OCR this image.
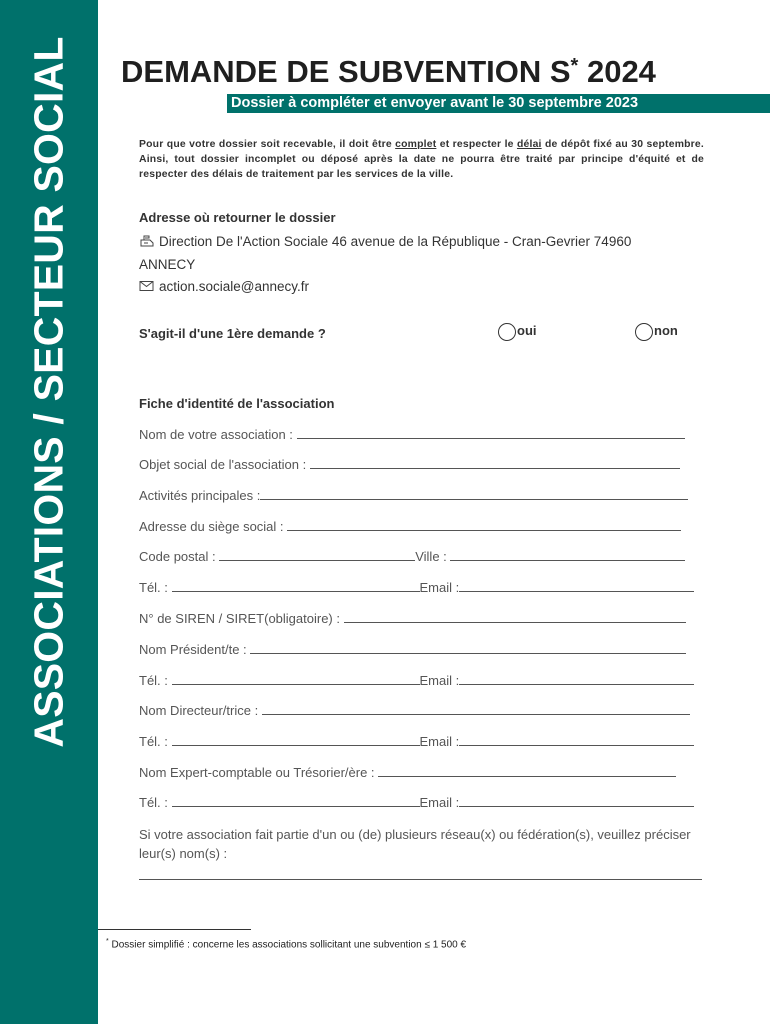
ASSOCIATIONS / SECTEUR SOCIAL DEMANDE DE SUBVENTION S* 2024
Dossier à compléter et envoyer avant le 30 septembre 2023
Pour que votre dossier soit recevable, il doit être complet et respecter le délai de dépôt fixé au 30 septembre. Ainsi, tout dossier incomplet ou déposé après la date ne pourra être traité par principe d'équité et de respecter des délais de traitement par les services de la ville.
Adresse où retourner le dossier
Direction De l'Action Sociale 46 avenue de la République - Cran-Gevrier 74960
ANNECY
action.sociale@annecy.fr
S'agit-il d'une 1ère demande ?	oui	non
Fiche d'identité de l'association
Nom de votre association :
Objet social de l'association :
Activités principales :
Adresse du siège social :
Code postal :	Ville :
Tél. :	Email :
N° de SIREN / SIRET(obligatoire) :
Nom Président/te :
Tél. :	Email :
Nom Directeur/trice :
Tél. :	Email :
Nom Expert-comptable ou Trésorier/ère :
Tél. :	Email :
Si votre association fait partie d'un ou (de) plusieurs réseau(x) ou fédération(s), veuillez préciser leur(s) nom(s) :
* Dossier simplifié : concerne les associations sollicitant une subvention ≤ 1 500 €
